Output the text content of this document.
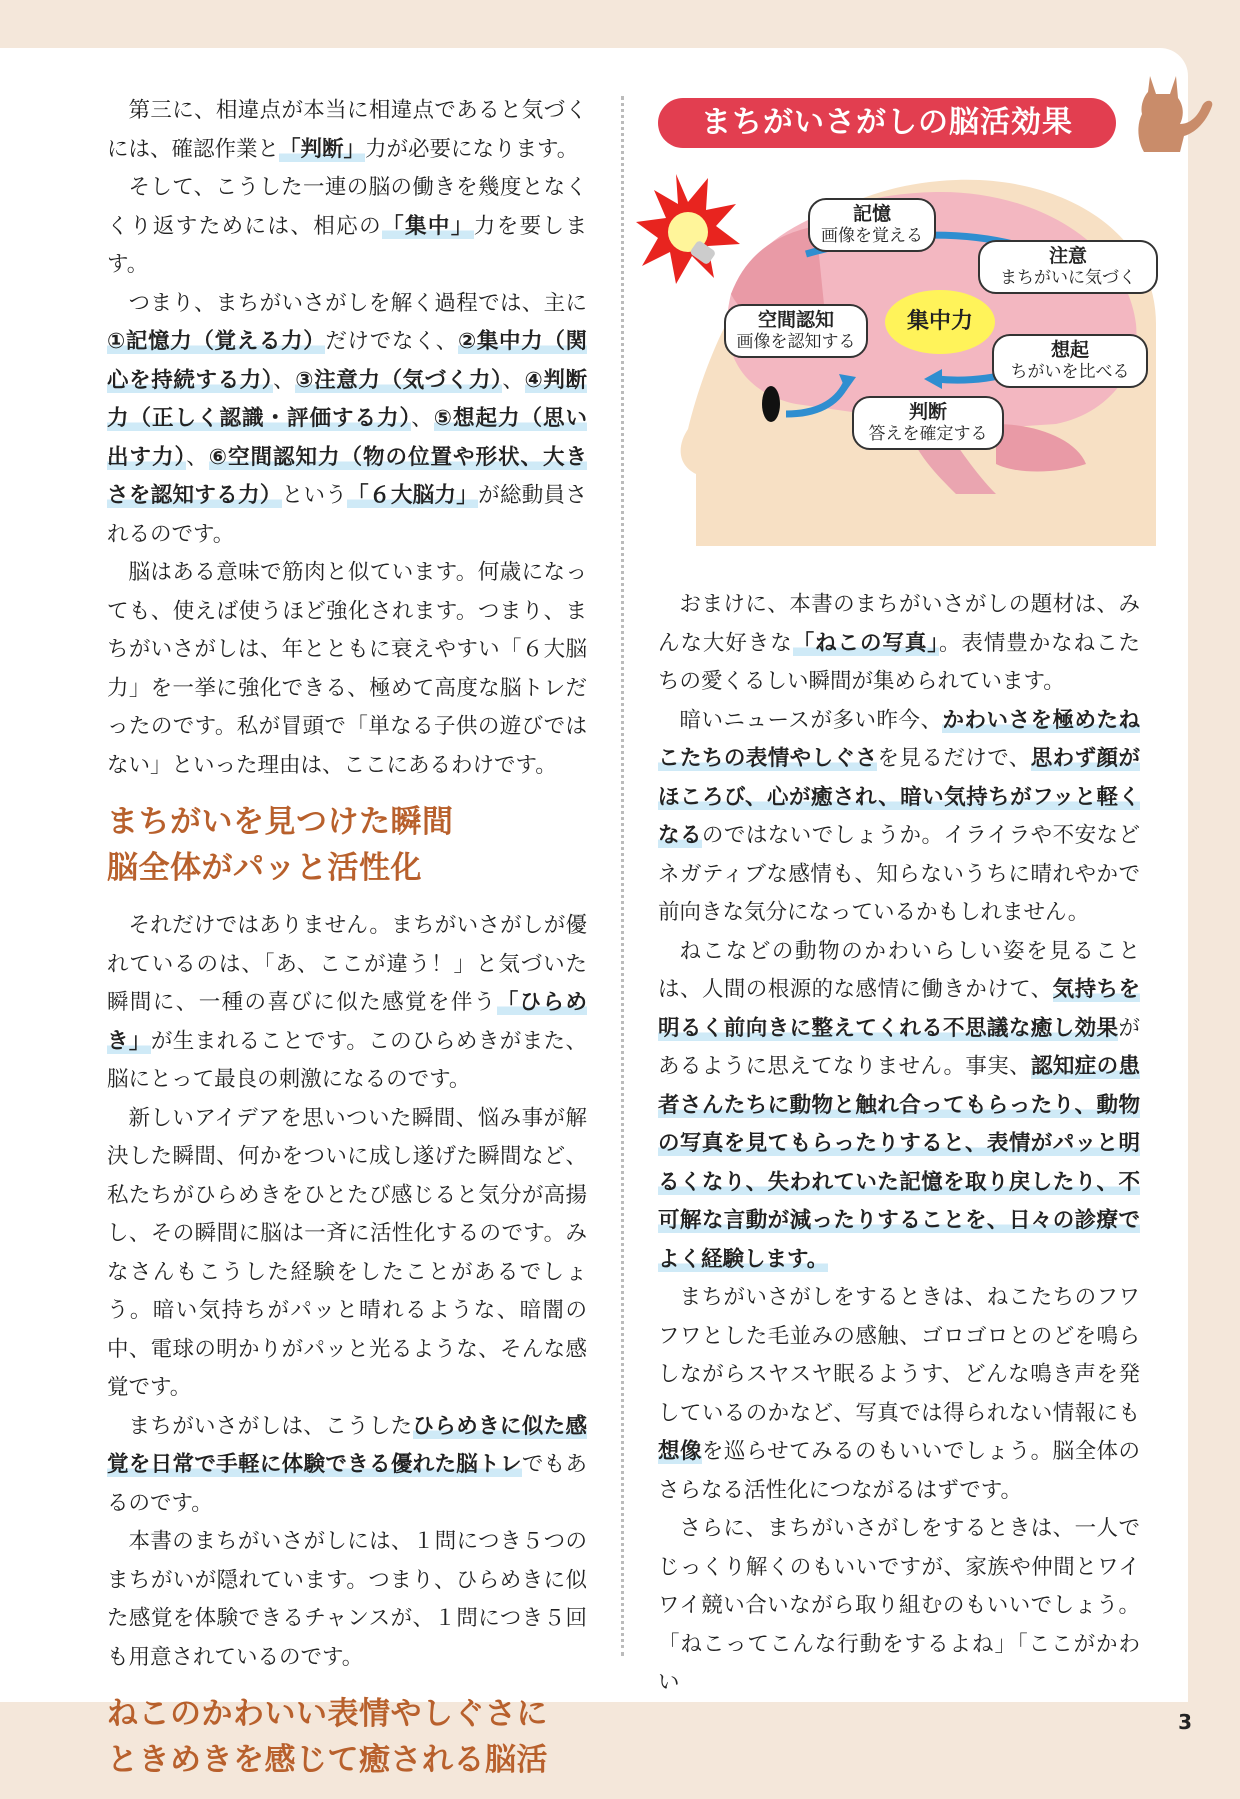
まちがいさがしの脳活効果
集中力
記憶
画像を覚える
注意
まちがいに気づく
空間認知
画像を認知する	想起
ちがいを比べる
判断
答えを確定する

第三に、相違点が本当に相違点であると気づくには、確認作業と「判断」力が必要になります。

そして、こうした一連の脳の働きを幾度となくくり返すためには、相応の「集中」力を要します。

つまり、まちがいさがしを解く過程では、主に①記憶力（覚える力）だけでなく、②集中力（関心を持続する力）、③注意力（気づく力）、④判断力（正しく認識・評価する力）、⑤想起力（思い出す力）、⑥空間認知力（物の位置や形状、大きさを認知する力）という「６大脳力」が総動員されるのです。

脳はある意味で筋肉と似ています。何歳になっても、使えば使うほど強化されます。つまり、まちがいさがしは、年とともに衰えやすい「６大脳力」を一挙に強化できる、極めて高度な脳トレだったのです。私が冒頭で「単なる子供の遊びではない」といった理由は、ここにあるわけです。

まちがいを見つけた瞬間
脳全体がパッと活性化

それだけではありません。まちがいさがしが優れているのは、「あ、ここが違う！」と気づいた瞬間に、一種の喜びに似た感覚を伴う「ひらめき」が生まれることです。このひらめきがまた、脳にとって最良の刺激になるのです。

新しいアイデアを思いついた瞬間、悩み事が解決した瞬間、何かをついに成し遂げた瞬間など、私たちがひらめきをひとたび感じると気分が高揚し、その瞬間に脳は一斉に活性化するのです。みなさんもこうした経験をしたことがあるでしょう。暗い気持ちがパッと晴れるような、暗闇の中、電球の明かりがパッと光るような、そんな感覚です。

まちがいさがしは、こうしたひらめきに似た感覚を日常で手軽に体験できる優れた脳トレでもあるのです。

本書のまちがいさがしには、１問につき５つのまちがいが隠れています。つまり、ひらめきに似た感覚を体験できるチャンスが、１問につき５回も用意されているのです。

ねこのかわいい表情やしぐさに
ときめきを感じて癒される脳活

おまけに、本書のまちがいさがしの題材は、みんな大好きな「ねこの写真」。表情豊かなねこたちの愛くるしい瞬間が集められています。

暗いニュースが多い昨今、かわいさを極めたねこたちの表情やしぐさを見るだけで、思わず顔がほころび、心が癒され、暗い気持ちがフッと軽くなるのではないでしょうか。イライラや不安などネガティブな感情も、知らないうちに晴れやかで前向きな気分になっているかもしれません。

ねこなどの動物のかわいらしい姿を見ることは、人間の根源的な感情に働きかけて、気持ちを明るく前向きに整えてくれる不思議な癒し効果があるように思えてなりません。事実、認知症の患者さんたちに動物と触れ合ってもらったり、動物の写真を見てもらったりすると、表情がパッと明るくなり、失われていた記憶を取り戻したり、不可解な言動が減ったりすることを、日々の診療でよく経験します。

まちがいさがしをするときは、ねこたちのフワフワとした毛並みの感触、ゴロゴロとのどを鳴らしながらスヤスヤ眠るようす、どんな鳴き声を発しているのかなど、写真では得られない情報にも想像を巡らせてみるのもいいでしょう。脳全体のさらなる活性化につながるはずです。

さらに、まちがいさがしをするときは、一人でじっくり解くのもいいですが、家族や仲間とワイワイ競い合いながら取り組むのもいいでしょう。「ねこってこんな行動をするよね」「ここがかわい

3
